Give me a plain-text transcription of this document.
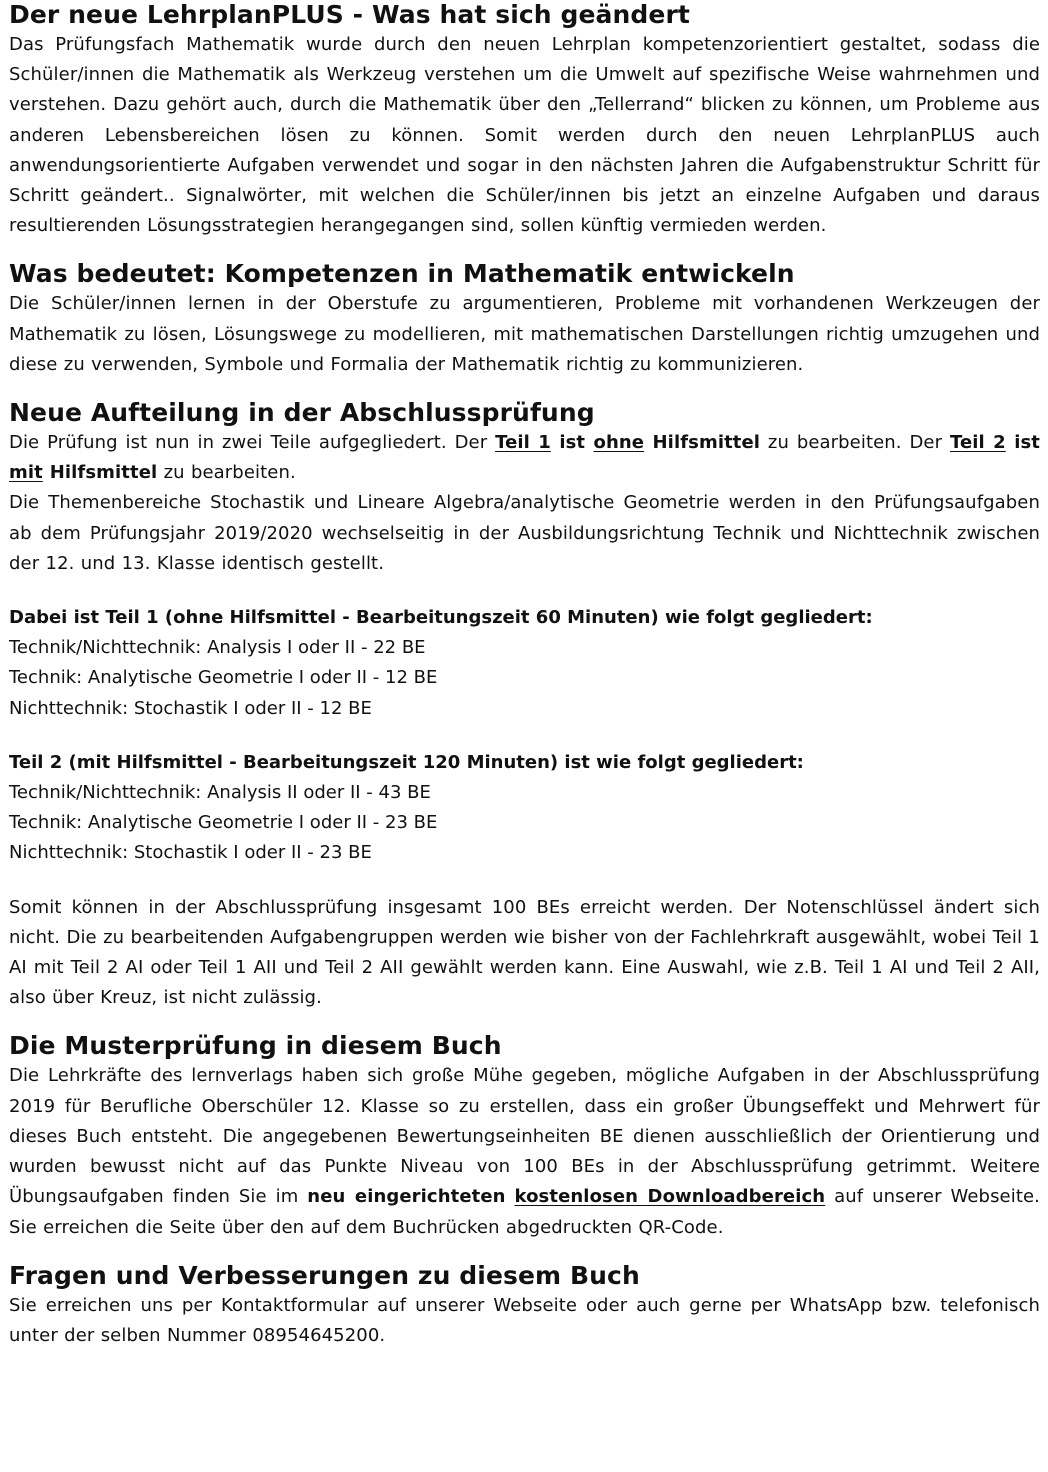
Der neue LehrplanPLUS - Was hat sich geändert

Das Prüfungsfach Mathematik wurde durch den neuen Lehrplan kompetenzorientiert gestaltet, sodass die Schüler/innen die Mathematik als Werkzeug verstehen um die Umwelt auf spezifische Weise wahrnehmen und verstehen. Dazu gehört auch, durch die Mathematik über den „Tellerrand“ blicken zu können, um Probleme aus anderen Lebensbereichen lösen zu können. Somit werden durch den neuen LehrplanPLUS auch anwendungsorientierte Aufgaben verwendet und sogar in den nächsten Jahren die Aufgabenstruktur Schritt für Schritt geändert.. Signalwörter, mit welchen die Schüler/innen bis jetzt an einzelne Aufgaben und daraus resultierenden Lösungsstrategien herangegangen sind, sollen künftig vermieden werden.

Was bedeutet: Kompetenzen in Mathematik entwickeln

Die Schüler/innen lernen in der Oberstufe zu argumentieren, Probleme mit vorhandenen Werkzeugen der Mathematik zu lösen, Lösungswege zu modellieren, mit mathematischen Darstellungen richtig umzugehen und diese zu verwenden, Symbole und Formalia der Mathematik richtig zu kommunizieren.

Neue Aufteilung in der Abschlussprüfung

Die Prüfung ist nun in zwei Teile aufgegliedert. Der Teil 1 ist ohne Hilfsmittel zu bearbeiten. Der Teil 2 ist mit Hilfsmittel zu bearbeiten.

Die Themenbereiche Stochastik und Lineare Algebra/analytische Geometrie werden in den Prüfungsaufgaben ab dem Prüfungsjahr 2019/2020 wechselseitig in der Ausbildungsrichtung Technik und Nichttechnik zwischen der 12. und 13. Klasse identisch gestellt.

Dabei ist Teil 1 (ohne Hilfsmittel - Bearbeitungszeit 60 Minuten) wie folgt gegliedert:
Technik/Nichttechnik: Analysis I oder II - 22 BE
Technik: Analytische Geometrie I oder II - 12 BE
Nichttechnik: Stochastik I oder II - 12 BE
Teil 2 (mit Hilfsmittel - Bearbeitungszeit 120 Minuten) ist wie folgt gegliedert:
Technik/Nichttechnik: Analysis II oder II - 43 BE
Technik: Analytische Geometrie I oder II - 23 BE
Nichttechnik: Stochastik I oder II - 23 BE

Somit können in der Abschlussprüfung insgesamt 100 BEs erreicht werden. Der Notenschlüssel ändert sich nicht. Die zu bearbeitenden Aufgabengruppen werden wie bisher von der Fachlehrkraft ausgewählt, wobei Teil 1 AI mit Teil 2 AI oder Teil 1 AII und Teil 2 AII gewählt werden kann. Eine Auswahl, wie z.B. Teil 1 AI und Teil 2 AII, also über Kreuz, ist nicht zulässig.

Die Musterprüfung in diesem Buch

Die Lehrkräfte des lernverlags haben sich große Mühe gegeben, mögliche Aufgaben in der Abschlussprüfung 2019 für Berufliche Oberschüler 12. Klasse so zu erstellen, dass ein großer Übungseffekt und Mehrwert für dieses Buch entsteht. Die angegebenen Bewertungseinheiten BE dienen ausschließlich der Orientierung und wurden bewusst nicht auf das Punkte Niveau von 100 BEs in der Abschlussprüfung getrimmt. Weitere Übungsaufgaben finden Sie im neu eingerichteten kostenlosen Downloadbereich auf unserer Webseite. Sie erreichen die Seite über den auf dem Buchrücken abgedruckten QR-Code.

Fragen und Verbesserungen zu diesem Buch

Sie erreichen uns per Kontaktformular auf unserer Webseite oder auch gerne per WhatsApp bzw. telefonisch unter der selben Nummer 08954645200.
